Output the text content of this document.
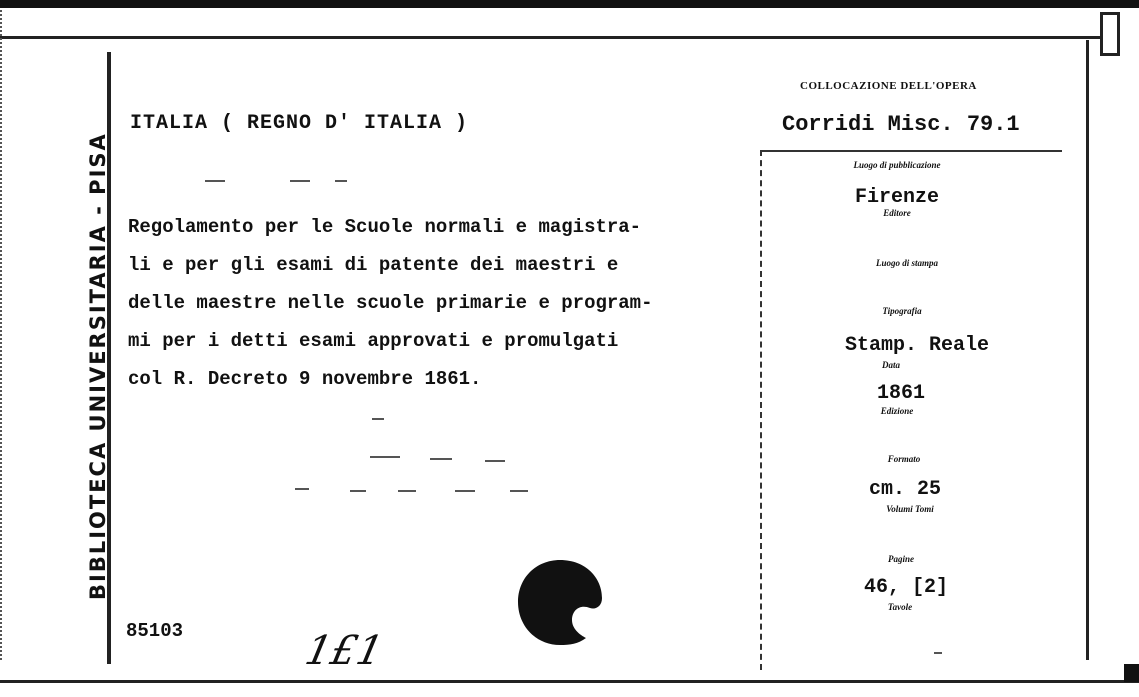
BIBLIOTECA UNIVERSITARIA - PISA
ITALIA ( REGNO D' ITALIA )
Regolamento per le Scuole normali e magistra-
li e per gli esami di patente dei maestri e
delle maestre nelle scuole primarie e program-
mi per i detti esami approvati e promulgati
col R. Decreto 9 novembre 1861.
85103	1£1
COLLOCAZIONE DELL'OPERA
Corridi Misc. 79.1
Luogo di pubblicazione
Firenze
Editore
Luogo di stampa
Tipografia
Stamp. Reale
Data
1861
Edizione
Formato
cm. 25
Volumi Tomi
Pagine
46, [2]
Tavole
